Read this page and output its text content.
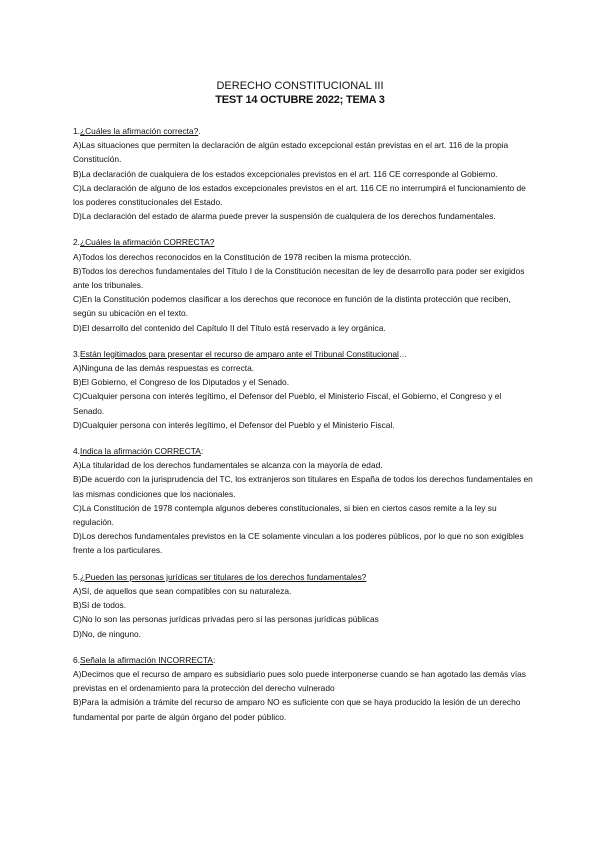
DERECHO CONSTITUCIONAL III
TEST 14 OCTUBRE 2022; TEMA 3
1.¿Cuáles la afirmación correcta?.
A)Las situaciones que permiten la declaración de algún estado excepcional están previstas en el art. 116 de la propia Constitución.
B)La declaración de cualquiera de los estados excepcionales previstos en el art. 116 CE corresponde al Gobierno.
C)La declaración de alguno de los estados excepcionales previstos en el art. 116 CE no interrumpirá el funcionamiento de los poderes constitucionales del Estado.
D)La declaración del estado de alarma puede prever la suspensión de cualquiera de los derechos fundamentales.
2.¿Cuáles la afirmación CORRECTA?
A)Todos los derechos reconocidos en la Constitución de 1978 reciben la misma protección.
B)Todos los derechos fundamentales del Título I de la Constitución necesitan de ley de desarrollo para poder ser exigidos ante los tribunales.
C)En la Constitución podemos clasificar a los derechos que reconoce en función de la distinta protección que reciben, según su ubicación en el texto.
D)El desarrollo del contenido del Capítulo II del Título está reservado a ley orgánica.
3.Están legitimados para presentar el recurso de amparo ante el Tribunal Constitucional…
A)Ninguna de las demás respuestas es correcta.
B)El Gobierno, el Congreso de los Diputados y el Senado.
C)Cualquier persona con interés legítimo, el Defensor del Pueblo, el Ministerio Fiscal, el Gobierno, el Congreso y el Senado.
D)Cualquier persona con interés legítimo, el Defensor del Pueblo y el Ministerio Fiscal.
4.Indica la afirmación CORRECTA:
A)La titularidad de los derechos fundamentales se alcanza con la mayoría de edad.
B)De acuerdo con la jurisprudencia del TC, los extranjeros son titulares en España de todos los derechos fundamentales en las mismas condiciones que los nacionales.
C)La Constitución de 1978 contempla algunos deberes constitucionales, si bien en ciertos casos remite a la ley su regulación.
D)Los derechos fundamentales previstos en la CE solamente vinculan a los poderes públicos, por lo que no son exigibles frente a los particulares.
5.¿Pueden las personas jurídicas ser titulares de los derechos fundamentales?
A)Sí, de aquellos que sean compatibles con su naturaleza.
B)Sí de todos.
C)No lo son las personas jurídicas privadas pero sí las personas jurídicas públicas
D)No, de ninguno.
6.Señala la afirmación INCORRECTA:
A)Decimos que el recurso de amparo es subsidiario pues solo puede interponerse cuando se han agotado las demás vías previstas en el ordenamiento para la protección del derecho vulnerado
B)Para la admisión a trámite del recurso de amparo NO es suficiente con que se haya producido la lesión de un derecho fundamental por parte de algún órgano del poder público.
